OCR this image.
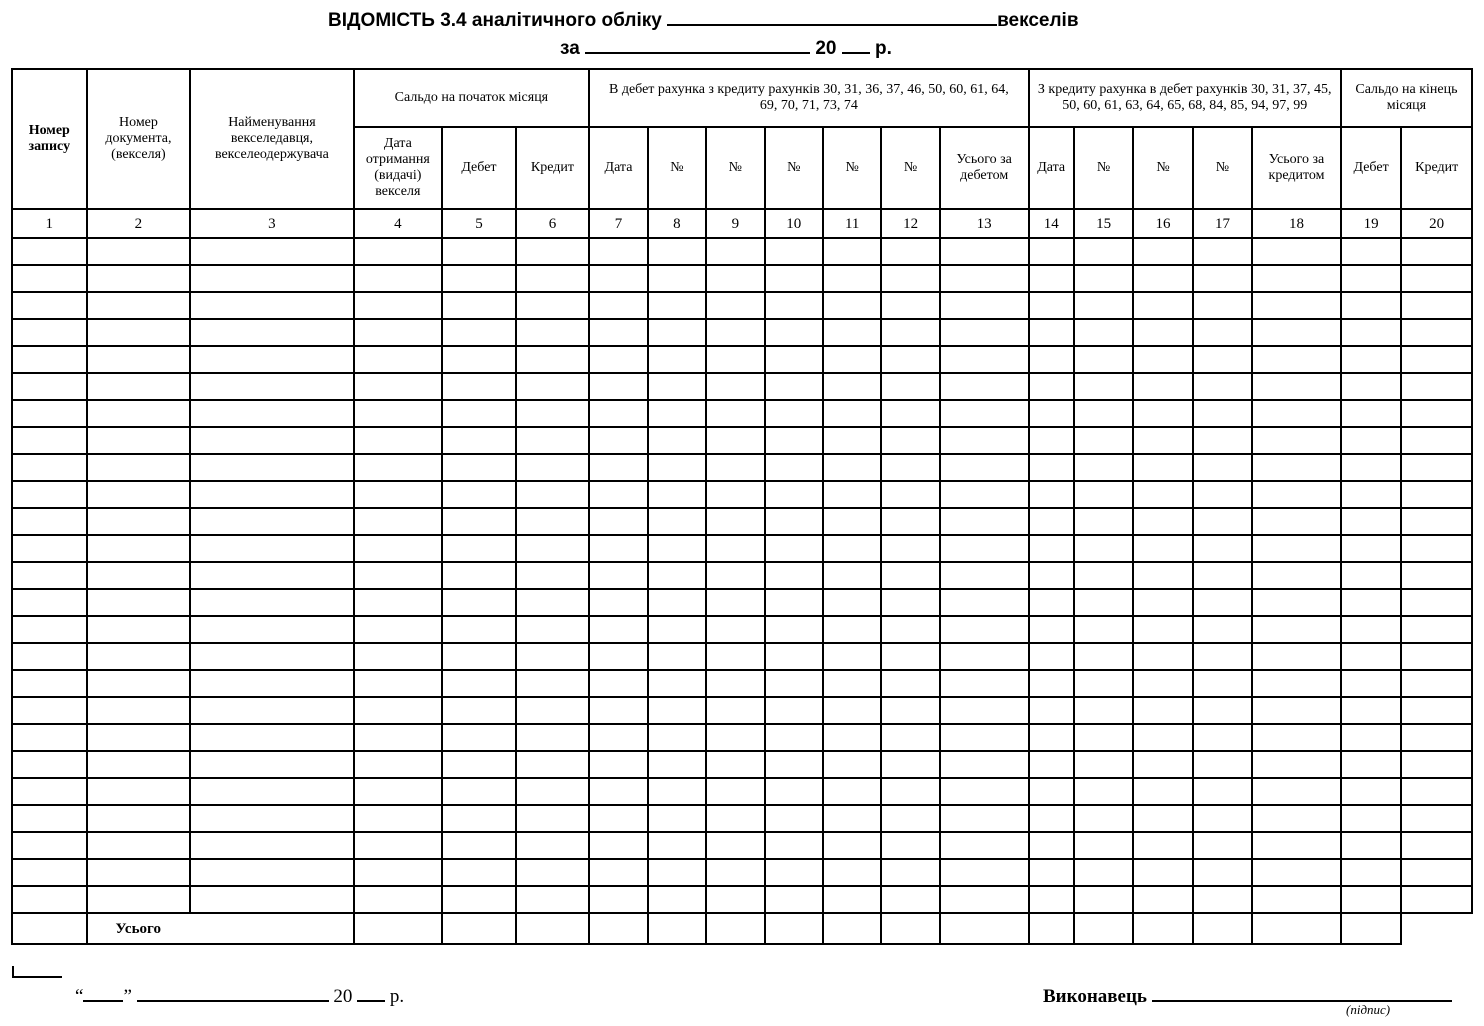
ВІДОМІСТЬ 3.4 аналітичного обліку	векселів
за	20 р.
Номер запису	Номер документа, (векселя)	Найменування векселедавця, векселеодержувача	Сальдо на початок місяця			В дебет рахунка з кредиту рахунків 30, 31, 36, 37, 46, 50, 60, 61, 64, 69, 70, 71, 73, 74							З кредиту рахунка в дебет рахунків 30, 31, 37, 45, 50, 60, 61, 63, 64, 65, 68, 84, 85, 94, 97, 99					Сальдо на кінець місяця	
			Дата отримання (видачі) векселя	Дебет	Кредит	Дата	№	№	№	№	№	Усього за дебетом	Дата	№	№	№	Усього за кредитом	Дебет	Кредит
1	2	3	4	5	6	7	8	9	10	11	12	13	14	15	16	17	18	19	20

	Усього																		
“ ”	20 р.	Виконавець
(підпис)
